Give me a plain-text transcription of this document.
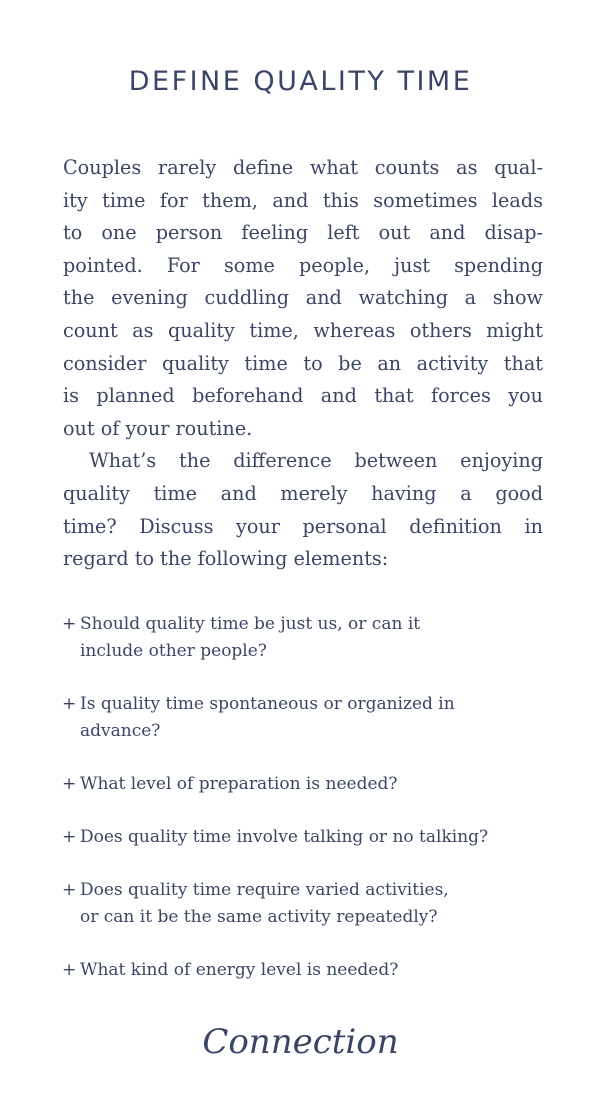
DEFINE QUALITY TIME

Couples rarely define what counts as qual-
ity time for them, and this sometimes leads
to one person feeling left out and disap-
pointed. For some people, just spending
the evening cuddling and watching a show
count as quality time, whereas others might
consider quality time to be an activity that
is planned beforehand and that forces you
out of your routine.

What’s the difference between enjoying
quality time and merely having a good
time? Discuss your personal definition in
regard to the following elements:

+ Should quality time be just us, or can it
include other people?
+ Is quality time spontaneous or organized in
advance?
+ What level of preparation is needed?
+ Does quality time involve talking or no talking?
+ Does quality time require varied activities,
or can it be the same activity repeatedly?
+ What kind of energy level is needed?
Connection
